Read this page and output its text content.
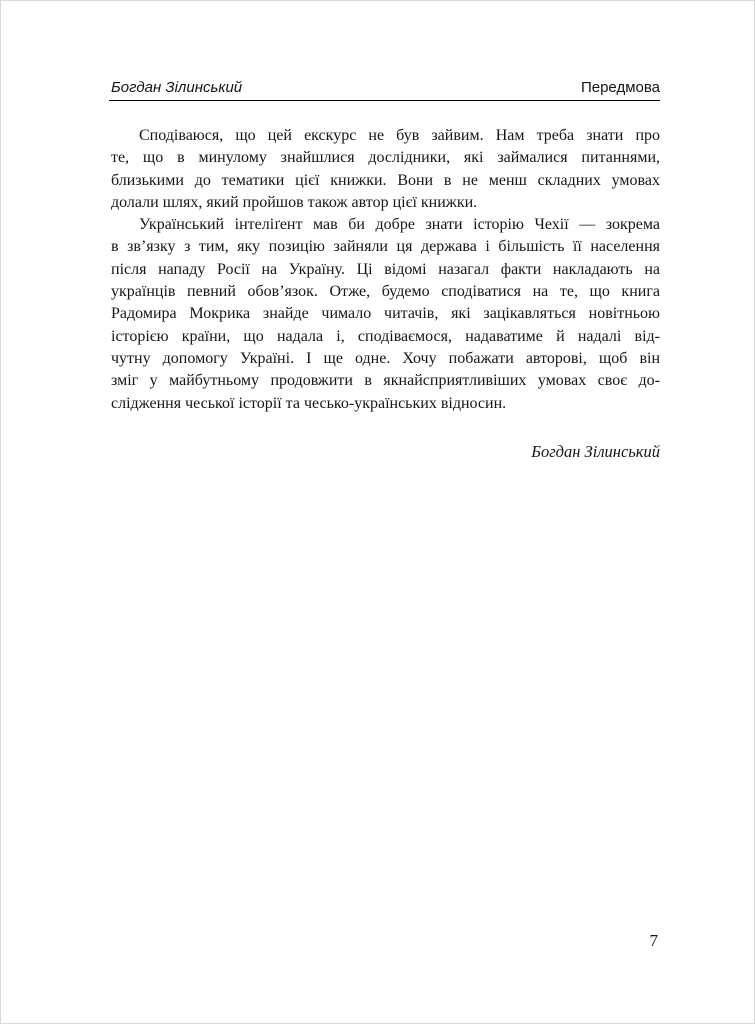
Богдан Зілинський	Передмова

Сподіваюся, що цей екскурс не був зайвим. Нам треба знати про
те, що в минулому знайшлися дослідники, які займалися питаннями,
близькими до тематики цієї книжки. Вони в не менш складних умовах
долали шлях, який пройшов також автор цієї книжки.

Український інтеліґент мав би добре знати історію Чехії — зокрема
в зв’язку з тим, яку позицію зайняли ця держава і більшість її населення
після нападу Росії на Україну. Ці відомі назагал факти накладають на
українців певний обов’язок. Отже, будемо сподіватися на те, що книга
Радомира Мокрика знайде чимало читачів, які зацікавляться новітньою
історією країни, що надала і, сподіваємося, надаватиме й надалі від-
чутну допомогу Україні. І ще одне. Хочу побажати авторові, щоб він
зміг у майбутньому продовжити в якнайсприятливіших умовах своє до-
слідження чеської історії та чесько-українських відносин.

Богдан Зілинський
7
